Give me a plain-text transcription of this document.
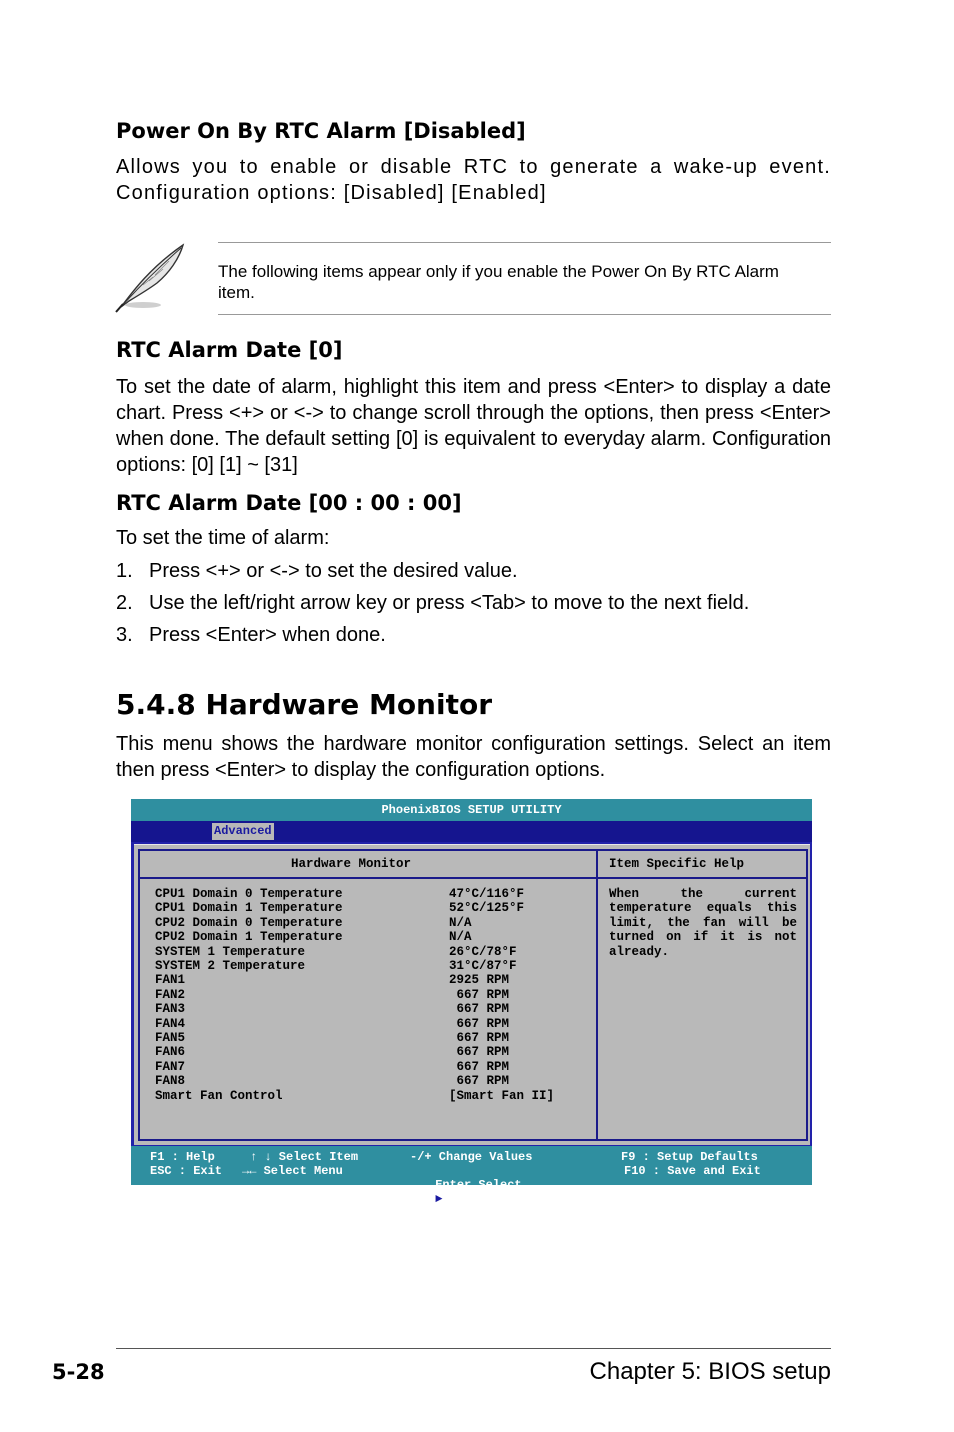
Power On By RTC Alarm [Disabled]
Allows you to enable or disable RTC to generate a wake-up event. Configuration options: [Disabled] [Enabled]
The following items appear only if you enable the Power On By RTC Alarm item.
RTC Alarm Date [0]
To set the date of alarm, highlight this item and press <Enter> to display a date chart. Press <+> or <-> to change scroll through the options, then press <Enter> when done. The default setting [0] is equivalent to everyday alarm. Configuration options: [0] [1] ~ [31]
RTC Alarm Date [00 : 00 : 00]
To set the time of alarm:
1. Press <+> or <-> to set the desired value.
2. Use the left/right arrow key or press <Tab> to move to the next field.
3. Press <Enter> when done.
5.4.8 Hardware Monitor
This menu shows the hardware monitor configuration settings. Select an item then press <Enter> to display the configuration options.
PhoenixBIOS SETUP UTILITY
Advanced
Hardware Monitor
CPU1 Domain 0 Temperature	47°C/116°F
CPU1 Domain 1 Temperature	52°C/125°F
CPU2 Domain 0 Temperature	N/A
CPU2 Domain 1 Temperature	N/A
SYSTEM 1 Temperature	26°C/78°F
SYSTEM 2 Temperature	31°C/87°F
FAN1	2925 RPM
FAN2	667 RPM
FAN3	667 RPM
FAN4	667 RPM
FAN5	667 RPM
FAN6	667 RPM
FAN7	667 RPM
FAN8	667 RPM
Smart Fan Control	[Smart Fan II]
Item Specific Help
When the current temperature equals this limit, the fan will be turned on if it is not already.
F1 : Help
ESC : Exit
↑ ↓ Select Item
→← Select Menu
-/+ Change Values

Enter Select
►
Sub-menu

F9 : Setup Defaults
F10 : Save and Exit
5-28	Chapter 5: BIOS setup
